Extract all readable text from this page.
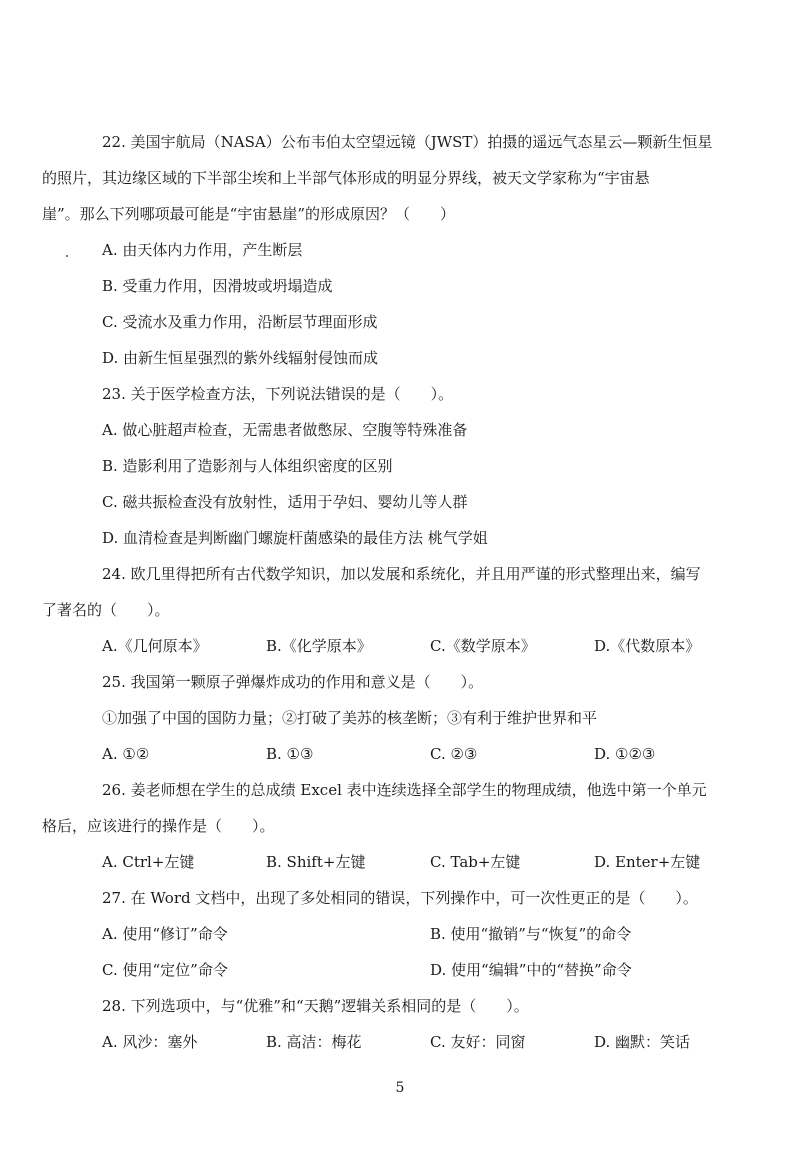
22. 美国宇航局（NASA）公布韦伯太空望远镜（JWST）拍摄的遥远气态星云—颗新生恒星

的照片，其边缘区域的下半部尘埃和上半部气体形成的明显分界线，被天文学家称为“宇宙悬

崖”。那么下列哪项最可能是“宇宙悬崖”的形成原因？（　　）

A. 由天体内力作用，产生断层

B. 受重力作用，因滑坡或坍塌造成

C. 受流水及重力作用，沿断层节理面形成

D. 由新生恒星强烈的紫外线辐射侵蚀而成

23. 关于医学检查方法，下列说法错误的是（　　）。

A. 做心脏超声检查，无需患者做憋尿、空腹等特殊准备

B. 造影利用了造影剂与人体组织密度的区别

C. 磁共振检查没有放射性，适用于孕妇、婴幼儿等人群

D. 血清检查是判断幽门螺旋杆菌感染的最佳方法 桃气学姐

24. 欧几里得把所有古代数学知识，加以发展和系统化，并且用严谨的形式整理出来，编写

了著名的（　　）。

A.《几何原本》	B.《化学原本》	C.《数学原本》	D.《代数原本》

25. 我国第一颗原子弹爆炸成功的作用和意义是（　　）。

①加强了中国的国防力量；②打破了美苏的核垄断；③有利于维护世界和平

A. ①②	B. ①③	C. ②③	D. ①②③

26. 姜老师想在学生的总成绩 Excel 表中连续选择全部学生的物理成绩，他选中第一个单元

格后，应该进行的操作是（　　）。

A. Ctrl+左键	B. Shift+左键	C. Tab+左键	D. Enter+左键

27. 在 Word 文档中，出现了多处相同的错误，下列操作中，可一次性更正的是（　　）。

A. 使用“修订”命令	B. 使用“撤销”与“恢复”的命令
C. 使用“定位”命令	D. 使用“编辑”中的“替换”命令

28. 下列选项中，与“优雅”和“天鹅”逻辑关系相同的是（　　）。

A. 风沙：塞外	B. 高洁：梅花	C. 友好：同窗	D. 幽默：笑话
5
